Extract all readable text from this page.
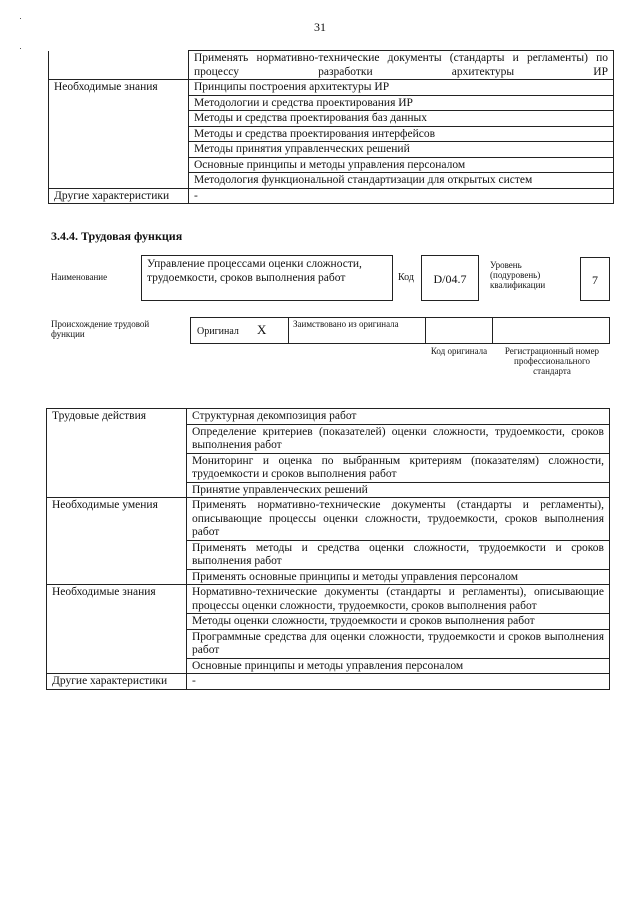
31
	Применять нормативно-технические документы (стандарты и регламенты) по процессу разработки архитектуры ИР
Необходимые знания	Принципы построения архитектуры ИР
	Методологии и средства проектирования ИР
	Методы и средства проектирования баз данных
	Методы и средства проектирования интерфейсов
	Методы принятия управленческих решений
	Основные принципы и методы управления персоналом
	Методология функциональной стандартизации для открытых систем
Другие характеристики	-
3.4.4. Трудовая функция
Наименование
Управление процессами оценки сложности, трудоемкости, сроков выполнения работ	Код	D/04.7
Уровень (подуровень) квалификации	7
Происхождение трудовой функции	Оригинал X	Заимствовано из оригинала
Код оригинала	Регистрационный номер профессионального стандарта
Трудовые действия	Структурная декомпозиция работ
	Определение критериев (показателей) оценки сложности, трудоемкости, сроков выполнения работ
	Мониторинг и оценка по выбранным критериям (показателям) сложности, трудоемкости и сроков выполнения работ
	Принятие управленческих решений
Необходимые умения	Применять нормативно-технические документы (стандарты и регламенты), описывающие процессы оценки сложности, трудоемкости, сроков выполнения работ
	Применять методы и средства оценки сложности, трудоемкости и сроков выполнения работ
	Применять основные принципы и методы управления персоналом
Необходимые знания	Нормативно-технические документы (стандарты и регламенты), описывающие процессы оценки сложности, трудоемкости, сроков выполнения работ
	Методы оценки сложности, трудоемкости и сроков выполнения работ
	Программные средства для оценки сложности, трудоемкости и сроков выполнения работ
	Основные принципы и методы управления персоналом
Другие характеристики	-
